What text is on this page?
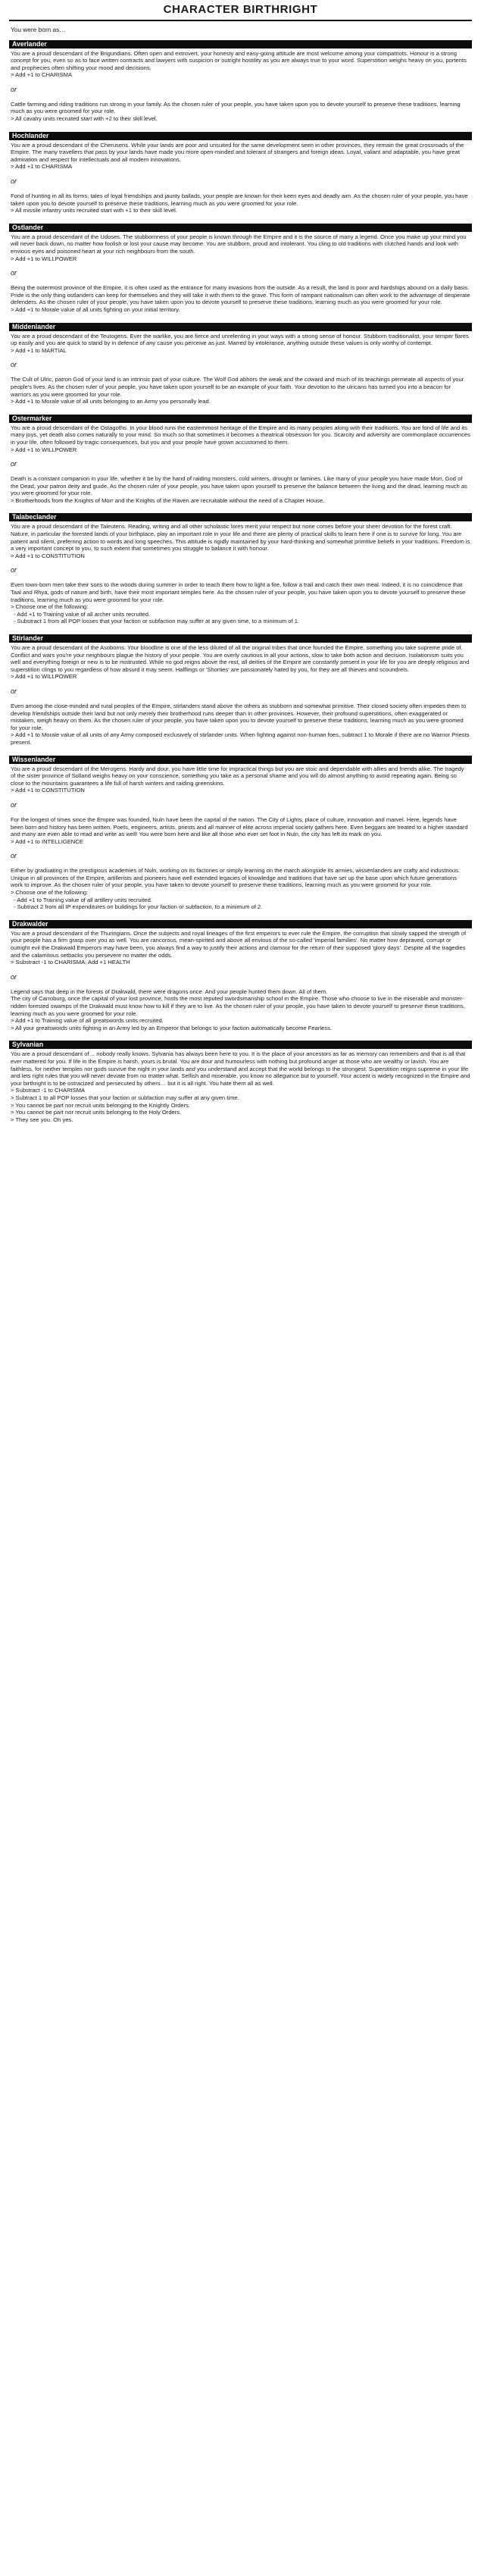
CHARACTER BIRTHRIGHT
You were born as…
Averlander
You are a proud descendant of the Brigundians. Often open and extrovert, your honesty and easy-going attitude are most welcome among your compatriots. Honour is a strong concept for you, even so as to face written contracts and lawyers with suspicion or outright hostility as you are always true to your word. Superstition weighs heavy on you, portents and prophecies often shifting your mood and decisions.
> Add +1 to CHARISMA
or
Cattle farming and riding traditions run strong in your family. As the chosen ruler of your people, you have taken upon you to devote yourself to preserve these traditions, learning much as you were groomed for your role.
> All cavalry units recruited start with +2 to their skill level.
Hochlander
You are a proud descendant of the Cherusens. While your lands are poor and unsuited for the same development seen in other provinces, they remain the great crossroads of the Empire. The many travellers that pass by your lands have made you more open-minded and tolerant of strangers and foreign ideas. Loyal, valiant and adaptable, you have great admiration and respect for intellectuals and all modern innovations.
> Add +1 to CHARISMA
or
Fond of hunting in all its forms, tales of loyal friendships and jaunty ballads, your people are known for their keen eyes and deadly aim. As the chosen ruler of your people, you have taken upon you to devote yourself to preserve these traditions, learning much as you were groomed for your role.
> All missile infantry units recruited start with +1 to their skill level.
Ostlander
You are a proud descendant of the Udoses. The stubbornness of your people is known through the Empire and it is the source of many a legend. Once you make up your mind you will never back down, no matter how foolish or lost your cause may become. You are stubborn, proud and intolerant. You cling to old traditions with clutched hands and look with envious eyes and poisoned heart at your rich neighbours from the south.
> Add +1 to WILLPOWER
or
Being the outermost province of the Empire, it is often used as the entrance for many invasions from the outside. As a result, the land is poor and hardships abound on a daily basis. Pride is the only thing ostlanders can keep for themselves and they will take it with them to the grave. This form of rampant nationalism can often work to the advantage of desperate defenders. As the chosen ruler of your people, you have taken upon you to devote yourself to preserve these traditions, learning much as you were groomed for your role.
> Add +1 to Morale value of all units fighting on your initial territory.
Middenlander
You are a proud descendant of the Teutogens. Ever the warlike, you are fierce and unrelenting in your ways with a strong sense of honour. Stubborn traditionalist, your temper flares up easily and you are quick to stand by in defence of any cause you perceive as just. Marred by intolerance, anything outside these values is only worthy of contempt.
> Add +1 to MARTIAL
or
The Cult of Ulric, patron God of your land is an intrinsic part of your culture. The Wolf God abhors the weak and the coward and much of its teachings permeate all aspects of your people's lives. As the chosen ruler of your people, you have taken upon yourself to be an example of your faith. Your devotion to the ulricans has turned you into a beacon for warriors as you were groomed for your role.
> Add +1 to Morale value of all units belonging to an Army you personally lead.
Ostermarker
You are a proud descendant of the Ostagoths. In your blood runs the easternmost heritage of the Empire and its many peoples along with their traditions. You are fond of life and its many joys, yet death also comes naturally to your mind. So much so that sometimes it becomes a theatrical obsession for you. Scarcity and adversity are commonplace occurrences in your life, often followed by tragic consequences, but you and your people have grown accustomed to them.
> Add +1 to WILLPOWER
or
Death is a constant companion in your life, whether it be by the hand of raiding monsters, cold winters, drought or famines. Like many of your people you have made Morr, God of the Dead, your patron deity and guide. As the chosen ruler of your people, you have taken upon yourself to preserve the balance between the living and the dead, learning much as you were groomed for your role.
> Brotherhoods from the Knights of Morr and the Knights of the Raven are recruitable without the need of a Chapter House.
Talabeclander
You are a proud descendant of the Taleutens. Reading, writing and all other scholastic lores merit your respect but none comes before your sheer devotion for the forest craft. Nature, in particular the forested lands of your birthplace, play an important role in your life and there are plenty of practical skills to learn here if one is to survive for long. You are patient and silent, preferring action to words and long speeches. This attitude is rigidly maintained by your hard-thinking and somewhat primitive beliefs in your traditions. Freedom is a very important concept to you, to such extent that sometimes you struggle to balance it with honour.
> Add +1 to CONSTITUTION
or
Even town-born men take their sons to the woods during summer in order to teach them how to light a fire, follow a trail and catch their own meal. Indeed, it is no coincidence that Taal and Rhya, gods of nature and birth, have their most important temples here. As the chosen ruler of your people, you have taken upon you to devote yourself to preserve these traditions, learning much as you were groomed for your role.
> Choose one of the following:
- Add +1 to Training value of all archer units recruited.
- Substract 1 from all POP losses that your faction or subfaction may suffer at any given time, to a minimum of 1.
Stirlander
You are a proud descendant of the Asoborns. Your bloodline is one of the less diluted of all the original tribes that once founded the Empire, something you take supreme pride of. Conflict and wars you're your neighbours plague the history of your people. You are overly cautious in all your actions, slow to take both action and decision. Isolationism suits you well and everything foreign or new is to be mistrusted. While no god reigns above the rest, all deities of the Empire are constantly present in your life for you are deeply religious and superstition clings to you regardless of how absurd it may seem. Halflings or 'Shorties' are passionately hated by you, for they are all thieves and scoundrels.
> Add +1 to WILLPOWER
or
Even among the close-minded and rural peoples of the Empire, stirlanders stand above the others as stubborn and somewhat primitive. Their closed society often impedes them to develop friendships outside their land but not only merely their brotherhood runs deeper than in other provinces. However, their profound superstitions, often exaggerated or mistaken, weigh heavy on them. As the chosen ruler of your people, you have taken upon you to devote yourself to preserve these traditions, learning much as you were groomed for your role.
> Add +1 to Morale value of all units of any Army composed exclusively of stirlander units. When fighting against non-human foes, subtract 1 to Morale if there are no Warrior Priests present.
Wissenlander
You are a proud descendant of the Merogens. Hardy and dour, you have little time for impractical things but you are stoic and dependable with allies and friends alike. The tragedy of the sister province of Solland weighs heavy on your conscience, something you take as a personal shame and you will do almost anything to avoid repeating again. Being so close to the mountains guarantees a life full of harsh winters and raiding greenskins.
> Add +1 to CONSTITUTION
or
For the longest of times since the Empire was founded, Nuln have been the capital of the nation. The City of Lights, place of culture, innovation and marvel. Here, legends have been born and history has been written. Poets, engineers, artists, priests and all manner of elite across imperial society gathers here. Even beggars are treated to a higher standard and many are even able to read and write as well! You were born here and like all those who ever set foot in Nuln, the city has left its mark on you.
> Add +1 to INTELLIGENCE
or
Either by graduating in the prestigious academies of Nuln, working on its factories or simply learning on the march alongside its armies, wissenlanders are crafty and industrious. Unique in all provinces of the Empire, artillerists and pioneers have well extended legacies of knowledge and traditions that have set up the base upon which future generations work to improve. As the chosen ruler of your people, you have taken to devote yourself to preserve these traditions, learning much as you were groomed for your role.
> Choose one of the following:
- Add +1 to Training value of all artillery units recruited.
- Subtract 2 from all IP expenditures on buildings for your faction or subfaction, to a minimum of 2.
Drakwalder
You are a proud descendant of the Thuringians. Once the subjects and royal lineages of the first emperors to ever rule the Empire, the corruption that slowly sapped the strength of your people has a firm grasp over you as well. You are rancorous, mean-spirited and above all envious of the so-called 'imperial families'. No matter how depraved, corrupt or outright evil the Drakwald Emperors may have been, you always find a way to justify their actions and clamour for the return of their supposed 'glory days'. Despite all the tragedies and the calamitous setbacks you persevere no matter the odds.
> Substract -1 to CHARISMA; Add +1 HEALTH
or
Legend says that deep in the forests of Drakwald, there were dragons once. And your people hunted them down. All of them.
The city of Carroburg, once the capital of your lost province, hosts the most reputed swordsmanship school in the Empire. Those who choose to live in the miserable and monster-ridden forested swamps of the Drakwald must know how to kill if they are to live. As the chosen ruler of your people, you have taken to devote yourself to preserve these traditions, learning much as you were groomed for your role.
> Add +1 to Training value of all greatswords units recruited.
> All your greatswords units fighting in an Army led by an Emperor that belongs to your faction automatically become Fearless.
Sylvanian
You are a proud descendant of… nobody really knows. Sylvania has always been here to you. It is the place of your ancestors as far as memory can remembers and that is all that ever mattered for you. If life in the Empire is harsh, yours is brutal. You are dour and humourless with nothing but profound anger at those who are wealthy or lavish. You are faithless, for neither temples nor gods survive the night in your lands and you understand and accept that the world belongs to the strongest. Superstition reigns supreme in your life and lets right rules that you will never deviate from no matter what. Selfish and miserable, you know no allegiance but to yourself. Your accent is widely recognized in the Empire and your birthright is to be ostracized and persecuted by others… but it is all right. You hate them all as well.
> Substract -1 to CHARISMA
> Subtract 1 to all POP losses that your faction or subfaction may suffer at any given time.
> You cannot be part nor recruit units belonging to the Knightly Orders.
> You cannot be part nor recruit units belonging to the Holy Orders.
> They see you. Oh yes.
